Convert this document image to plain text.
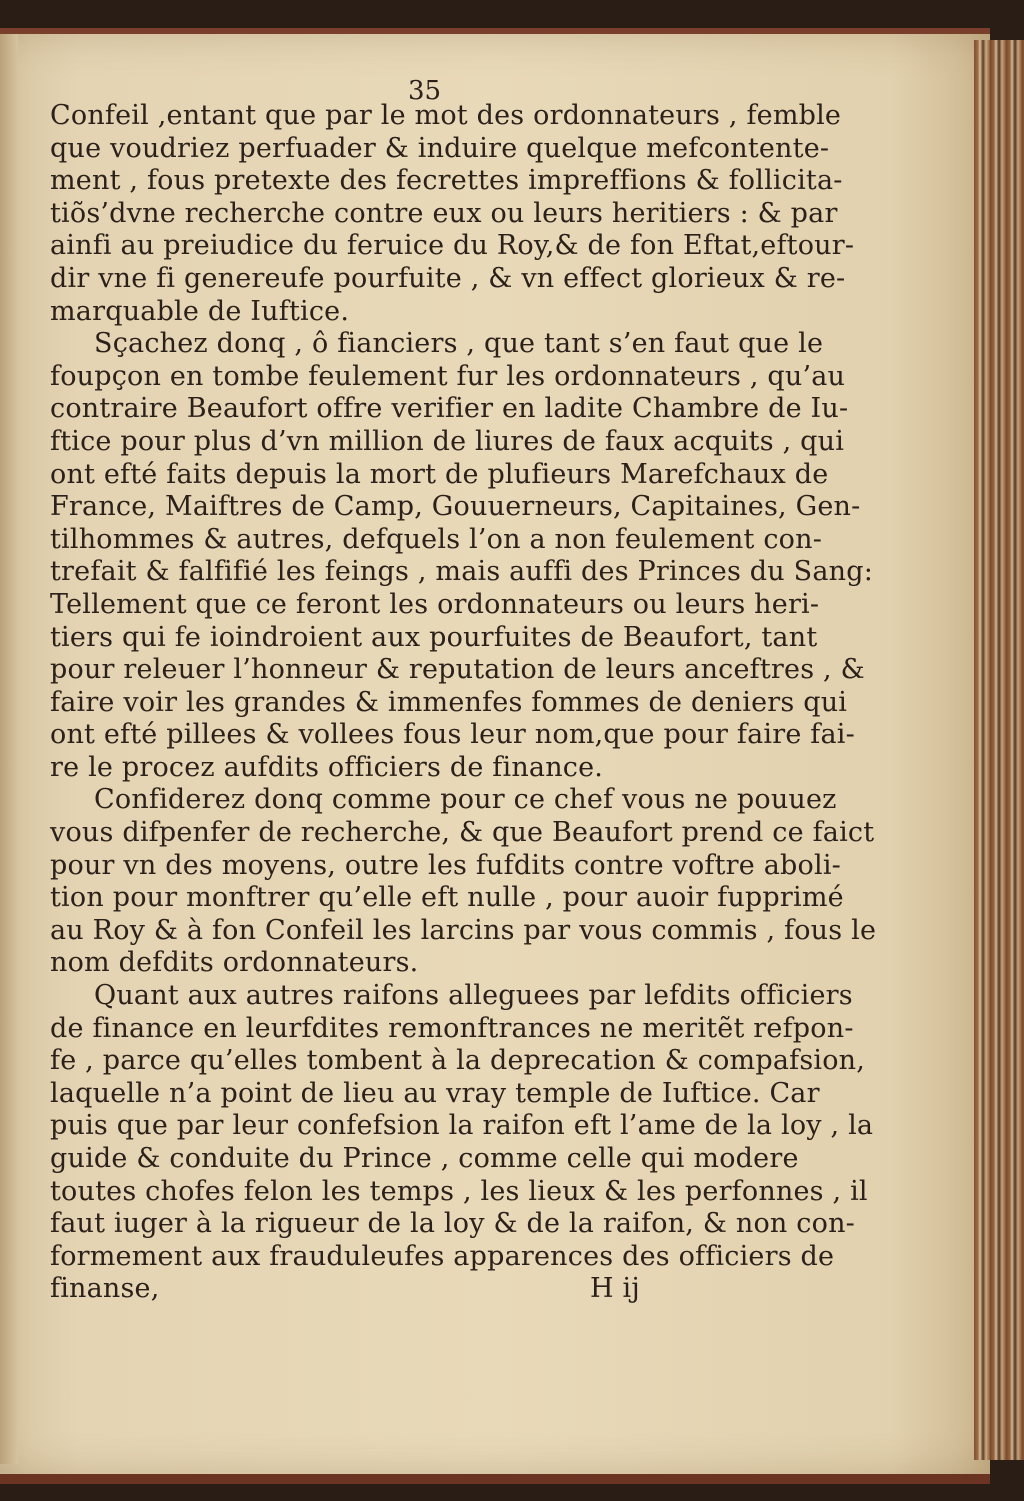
35
Confeil ,entant que par le mot des ordonnateurs , femble
que voudriez perfuader & induire quelque mefcontente-
ment , fous pretexte des fecrettes impreffions & follicita-
tiõs’dvne recherche contre eux ou leurs heritiers : & par
ainfi au preiudice du feruice du Roy,& de fon Eftat,eftour-
dir vne fi genereufe pourfuite , & vn effect glorieux & re-
marquable de Iuftice.
Sçachez donq , ô fianciers , que tant s’en faut que le
foupçon en tombe feulement fur les ordonnateurs , qu’au
contraire Beaufort offre verifier en ladite Chambre de Iu-
ftice pour plus d’vn million de liures de faux acquits , qui
ont efté faits depuis la mort de plufieurs Marefchaux de
France, Maiftres de Camp, Gouuerneurs, Capitaines, Gen-
tilhommes & autres, defquels l’on a non feulement con-
trefait & falfifié les feings , mais auffi des Princes du Sang:
Tellement que ce feront les ordonnateurs ou leurs heri-
tiers qui fe ioindroient aux pourfuites de Beaufort, tant
pour releuer l’honneur & reputation de leurs anceftres , &
faire voir les grandes & immenfes fommes de deniers qui
ont efté pillees & vollees fous leur nom,que pour faire fai-
re le procez aufdits officiers de finance.
Confiderez donq comme pour ce chef vous ne pouuez
vous difpenfer de recherche, & que Beaufort prend ce faict
pour vn des moyens, outre les fufdits contre voftre aboli-
tion pour monftrer qu’elle eft nulle , pour auoir fupprimé
au Roy & à fon Confeil les larcins par vous commis , fous le
nom defdits ordonnateurs.
Quant aux autres raifons alleguees par lefdits officiers
de finance en leurfdites remonftrances ne meritẽt refpon-
fe , parce qu’elles tombent à la deprecation & compafsion,
laquelle n’a point de lieu au vray temple de Iuftice. Car
puis que par leur confefsion la raifon eft l’ame de la loy , la
guide & conduite du Prince , comme celle qui modere
toutes chofes felon les temps , les lieux & les perfonnes , il
faut iuger à la rigueur de la loy & de la raifon, & non con-
formement aux frauduleufes apparences des officiers de
finanse,	H ij
